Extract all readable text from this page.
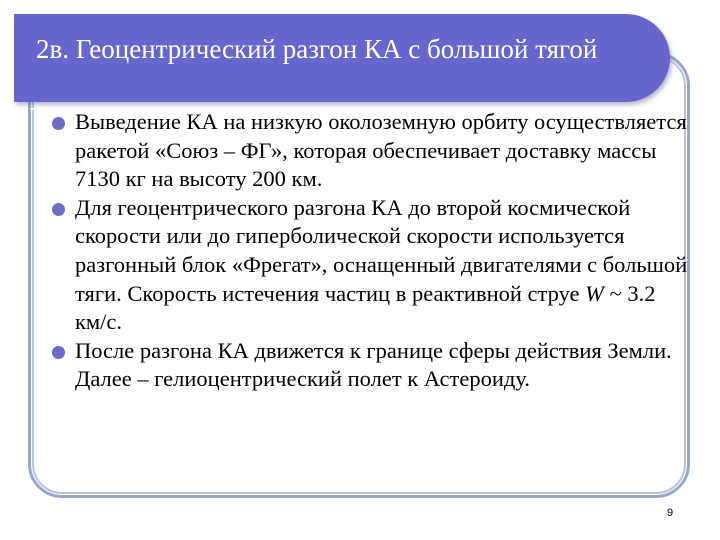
2в. Геоцентрический разгон КА с большой тягой
Выведение КА на низкую околоземную орбиту осуществляется ракетой «Союз – ФГ», которая обеспечивает доставку массы 7130 кг на высоту 200 км.
Для геоцентрического разгона КА до второй космической скорости или до гиперболической скорости используется разгонный блок «Фрегат», оснащенный двигателями с большой тяги. Скорость истечения частиц в реактивной струе W ~ 3.2 км/с.
После разгона КА движется к границе сферы действия Земли. Далее – гелиоцентрический полет к Астероиду.
9
